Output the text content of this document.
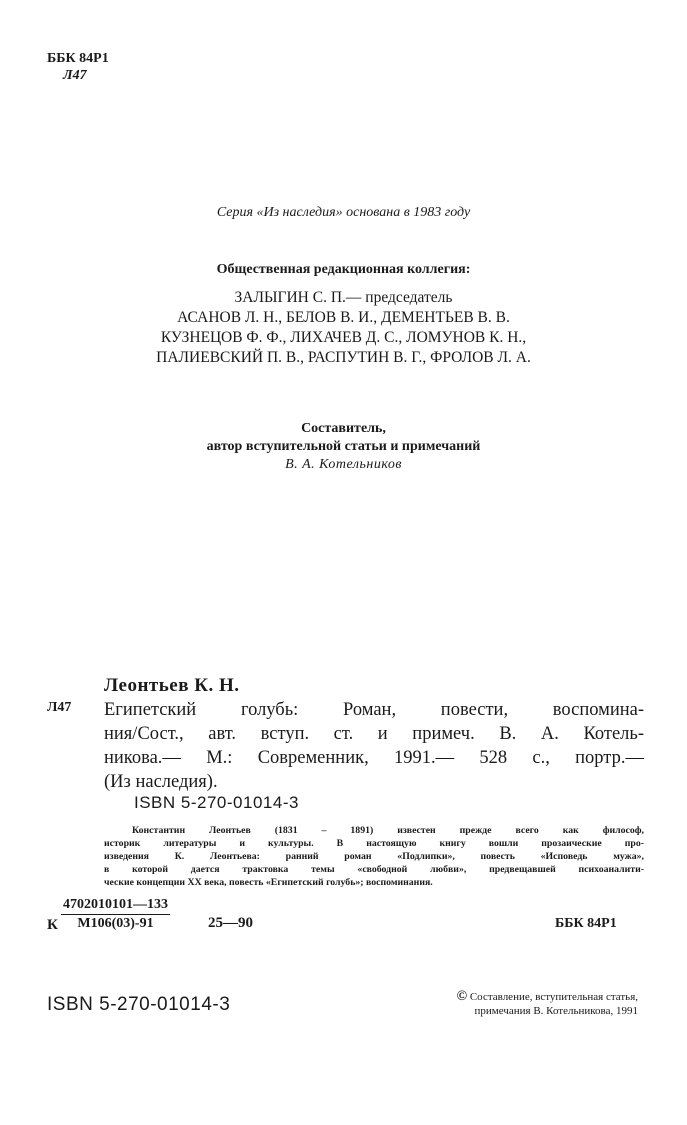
ББК 84Р1
Л47
Серия «Из наследия» основана в 1983 году
Общественная редакционная коллегия:
ЗАЛЫГИН С. П.— председатель
АСАНОВ Л. Н., БЕЛОВ В. И., ДЕМЕНТЬЕВ В. В.
КУЗНЕЦОВ Ф. Ф., ЛИХАЧЕВ Д. С., ЛОМУНОВ К. Н.,
ПАЛИЕВСКИЙ П. В., РАСПУТИН В. Г., ФРОЛОВ Л. А.
Составитель,
автор вступительной статьи и примечаний
В. А. Котельников
Леонтьев К. Н.
Л47 Египетский голубь: Роман, повести, воспомина-
ния/Сост., авт. вступ. ст. и примеч. В. А. Котель-
никова.— М.: Современник, 1991.— 528 с., портр.—
(Из наследия).
ISBN 5-270-01014-3
Константин Леонтьев (1831 – 1891) известен прежде всего как философ,
историк литературы и культуры. В настоящую книгу вошли прозаические про-
изведения К. Леонтьева: ранний роман «Подлипки», повесть «Исповедь мужа»,
в которой дается трактовка темы «свободной любви», предвещавшей психоаналити-
ческие концепции XX века, повесть «Египетский голубь»; воспоминания.
К
4702010101—133
М106(03)-91	25—90	ББК 84Р1
ISBN 5-270-01014-3	© Составление, вступительная статья,
примечания В. Котельникова, 1991
